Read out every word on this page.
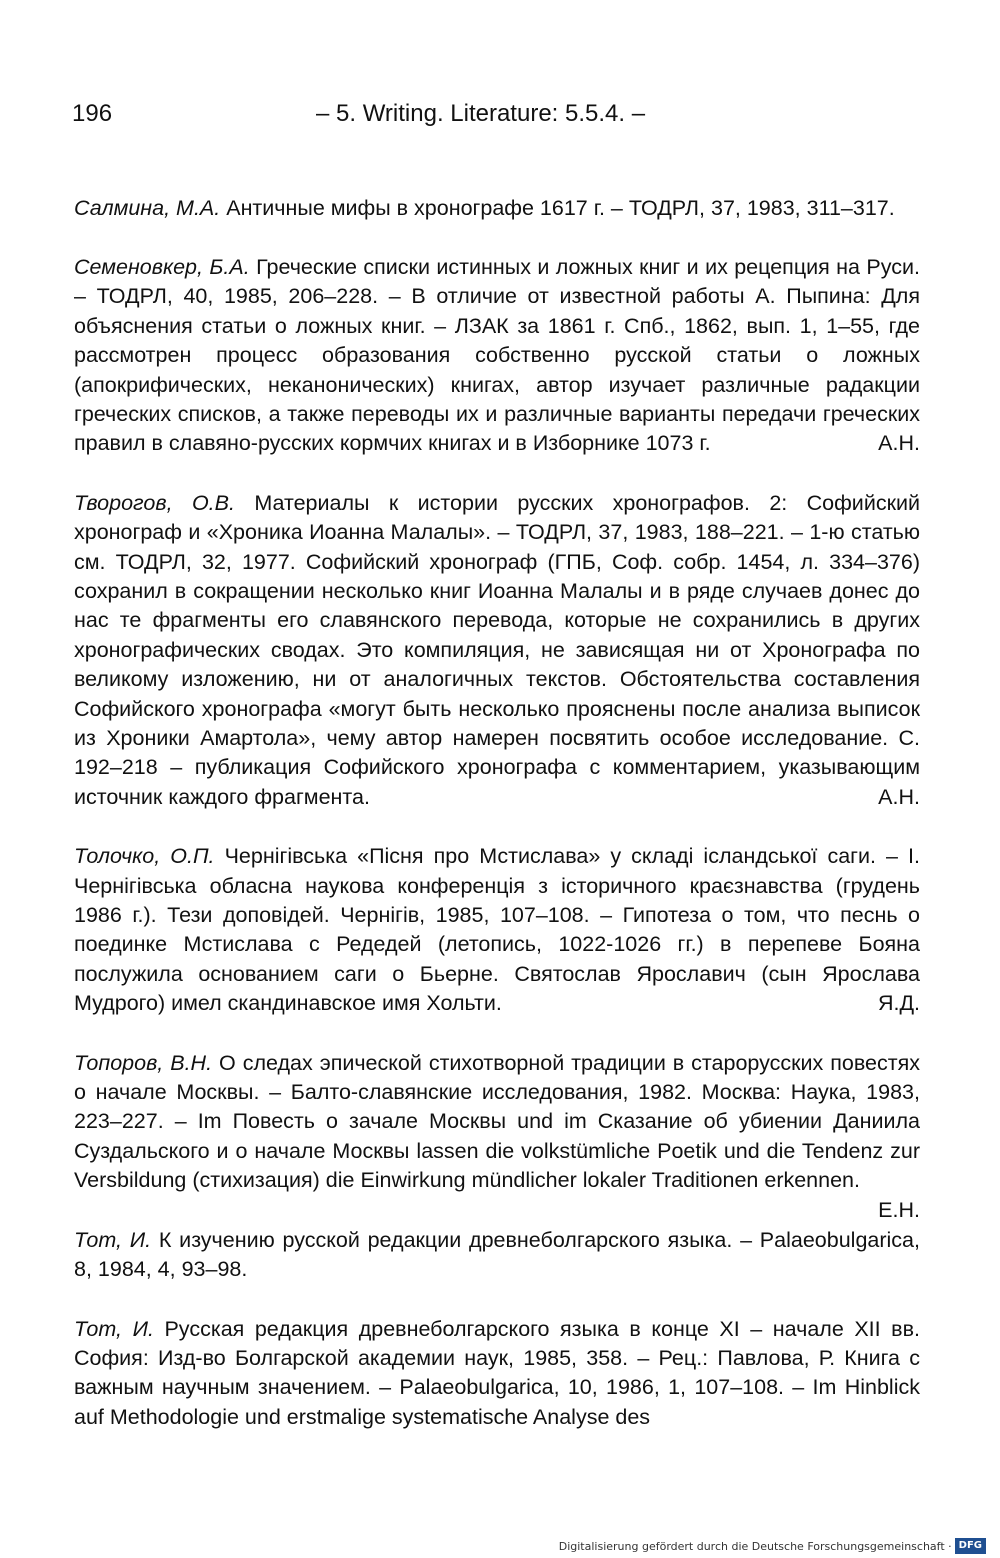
196	– 5. Writing. Literature: 5.5.4. –

Салмина, М.А. Античные мифы в хронографе 1617 г. – ТОДРЛ, 37, 1983, 311–317.

Семеновкер, Б.А. Греческие списки истинных и ложных книг и их рецепция на Руси. – ТОДРЛ, 40, 1985, 206–228. – В отличие от известной работы А. Пыпина: Для объяснения статьи о ложных книг. – ЛЗАК за 1861 г. Спб., 1862, вып. 1, 1–55, где рассмотрен процесс образования собственно русской статьи о ложных (апокрифических, неканонических) книгах, автор изучает различные радакции греческих списков, а также переводы их и различные варианты передачи греческих правил в славяно-русских кормчих книгах и в Изборнике 1073 г.	А.Н.

Творогов, О.В. Материалы к истории русских хронографов. 2: Софийский хронограф и «Хроника Иоанна Малалы». – ТОДРЛ, 37, 1983, 188–221. – 1-ю статью см. ТОДРЛ, 32, 1977. Софийский хронограф (ГПБ, Соф. собр. 1454, л. 334–376) сохранил в сокращении несколько книг Иоанна Малалы и в ряде случаев донес до нас те фрагменты его славянского перевода, которые не сохранились в других хронографических сводах. Это компиляция, не зависящая ни от Хронографа по великому изложению, ни от аналогичных текстов. Обстоятельства составления Софийского хронографа «могут быть несколько прояснены после анализа выписок из Хроники Амартола», чему автор намерен посвятить особое исследование. С. 192–218 – публикация Софийского хронографа с комментарием, указывающим источник каждого фрагмента.	А.Н.

Толочко, О.П. Чернігівська «Пісня про Мстислава» у складі ісландської саги. – І. Чернігівська обласна наукова конференція з історичного краєзнавства (грудень 1986 г.). Тези доповідей. Чернігів, 1985, 107–108. – Гипотеза о том, что песнь о поединке Мстислава с Редедей (летопись, 1022-1026 гг.) в перепеве Бояна послужила основанием саги о Бьерне. Святослав Ярославич (сын Ярослава Мудрого) имел скандинавское имя Хольти.	Я.Д.

Топоров, В.Н. О следах эпической стихотворной традиции в старорусских повестях о начале Москвы. – Балто-славянские исследования, 1982. Москва: Наука, 1983, 223–227. – Im Повесть о зачале Москвы und im Сказание об убиении Даниила Суздальского и о начале Москвы lassen die volkstümliche Poetik und die Tendenz zur Versbildung (стихизация) die Einwirkung mündlicher lokaler Traditionen erkennen.
Е.Н.

Тот, И. К изучению русской редакции древнеболгарского языка. – Palaeobulgarica, 8, 1984, 4, 93–98.

Тот, И. Русская редакция древнеболгарского языка в конце XI – начале XII вв. София: Изд-во Болгарской академии наук, 1985, 358. – Рец.: Павлова, Р. Книга с важным научным значением. – Palaeobulgarica, 10, 1986, 1, 107–108. – Im Hinblick auf Methodologie und erstmalige systematische Analyse des

Digitalisierung gefördert durch die Deutsche Forschungsgemeinschaft · DFG
